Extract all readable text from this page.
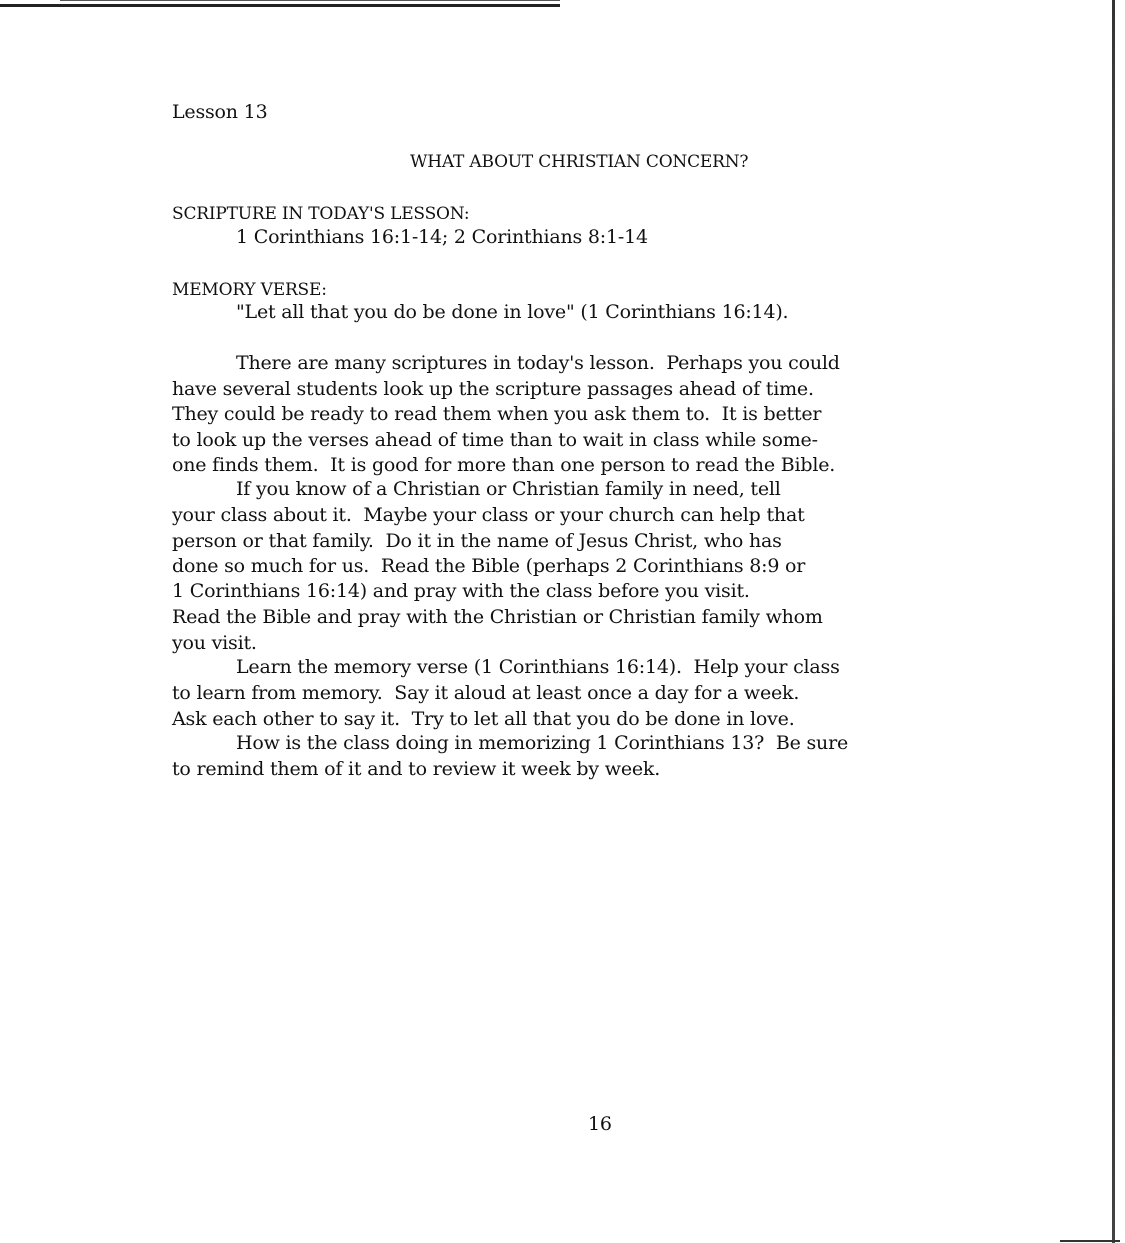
Lesson 13
WHAT ABOUT CHRISTIAN CONCERN?
SCRIPTURE IN TODAY'S LESSON:
1 Corinthians 16:1-14; 2 Corinthians 8:1-14
MEMORY VERSE:
"Let all that you do be done in love" (1 Corinthians 16:14).
There are many scriptures in today's lesson.  Perhaps you could
have several students look up the scripture passages ahead of time.
They could be ready to read them when you ask them to.  It is better
to look up the verses ahead of time than to wait in class while some-
one finds them.  It is good for more than one person to read the Bible.
If you know of a Christian or Christian family in need, tell
your class about it.  Maybe your class or your church can help that
person or that family.  Do it in the name of Jesus Christ, who has
done so much for us.  Read the Bible (perhaps 2 Corinthians 8:9 or
1 Corinthians 16:14) and pray with the class before you visit.
Read the Bible and pray with the Christian or Christian family whom
you visit.
Learn the memory verse (1 Corinthians 16:14).  Help your class
to learn from memory.  Say it aloud at least once a day for a week.
Ask each other to say it.  Try to let all that you do be done in love.
How is the class doing in memorizing 1 Corinthians 13?  Be sure
to remind them of it and to review it week by week.
16
